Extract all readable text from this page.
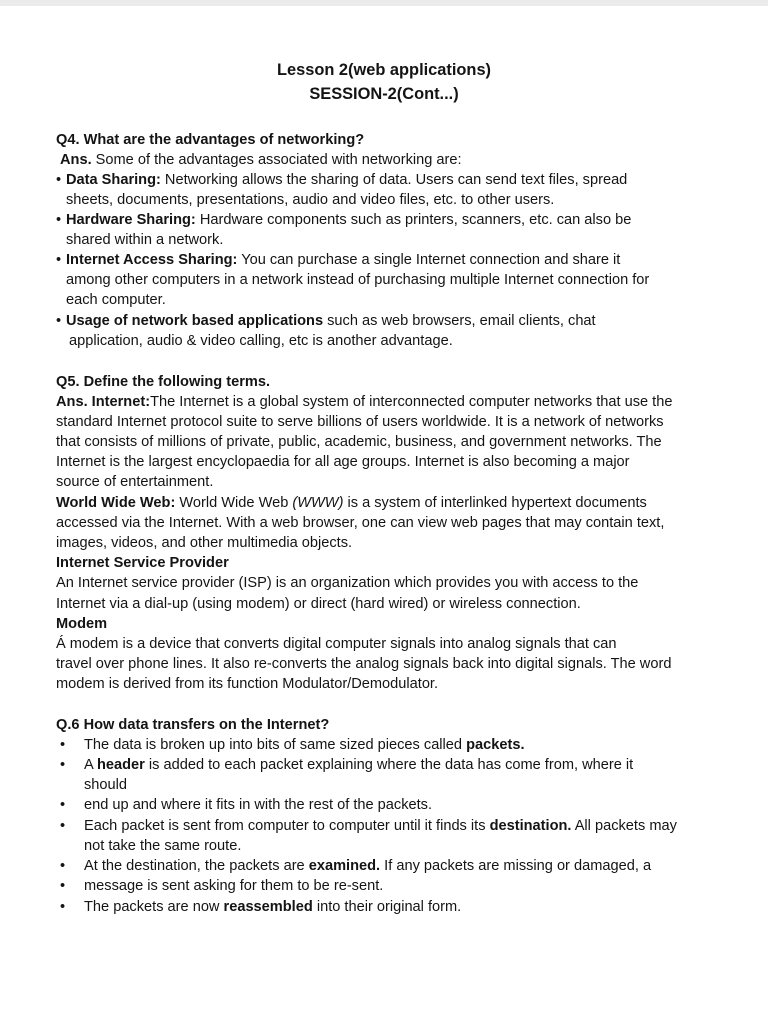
Lesson 2(web applications)
SESSION-2(Cont...)
Q4. What are the advantages of networking?
Ans. Some of the advantages associated with networking are:
• Data Sharing: Networking allows the sharing of data. Users can send text files, spread
sheets, documents, presentations, audio and video files, etc. to other users.
• Hardware Sharing: Hardware components such as printers, scanners, etc. can also be
shared within a network.
• Internet Access Sharing: You can purchase a single Internet connection and share it
among other computers in a network instead of purchasing multiple Internet connection for
each computer.
• Usage of network based applications such as web browsers, email clients, chat
application, audio & video calling, etc is another advantage.
Q5. Define the following terms.
Ans. Internet:The Internet is a global system of interconnected computer networks that use the
standard Internet protocol suite to serve billions of users worldwide. It is a network of networks
that consists of millions of private, public, academic, business, and government networks. The
Internet is the largest encyclopaedia for all age groups. Internet is also becoming a major
source of entertainment.
World Wide Web: World Wide Web (WWW) is a system of interlinked hypertext documents
accessed via the Internet. With a web browser, one can view web pages that may contain text,
images, videos, and other multimedia objects.
Internet Service Provider
An Internet service provider (ISP) is an organization which provides you with access to the
Internet via a dial-up (using modem) or direct (hard wired) or wireless connection.
Modem
Á modem is a device that converts digital computer signals into analog signals that can
travel over phone lines. It also re-converts the analog signals back into digital signals. The word
modem is derived from its function Modulator/Demodulator.
Q.6 How data transfers on the Internet?
• The data is broken up into bits of same sized pieces called packets.
• A header is added to each packet explaining where the data has come from, where it
should
• end up and where it fits in with the rest of the packets.
• Each packet is sent from computer to computer until it finds its destination. All packets may
not take the same route.
• At the destination, the packets are examined. If any packets are missing or damaged, a
• message is sent asking for them to be re-sent.
• The packets are now reassembled into their original form.
